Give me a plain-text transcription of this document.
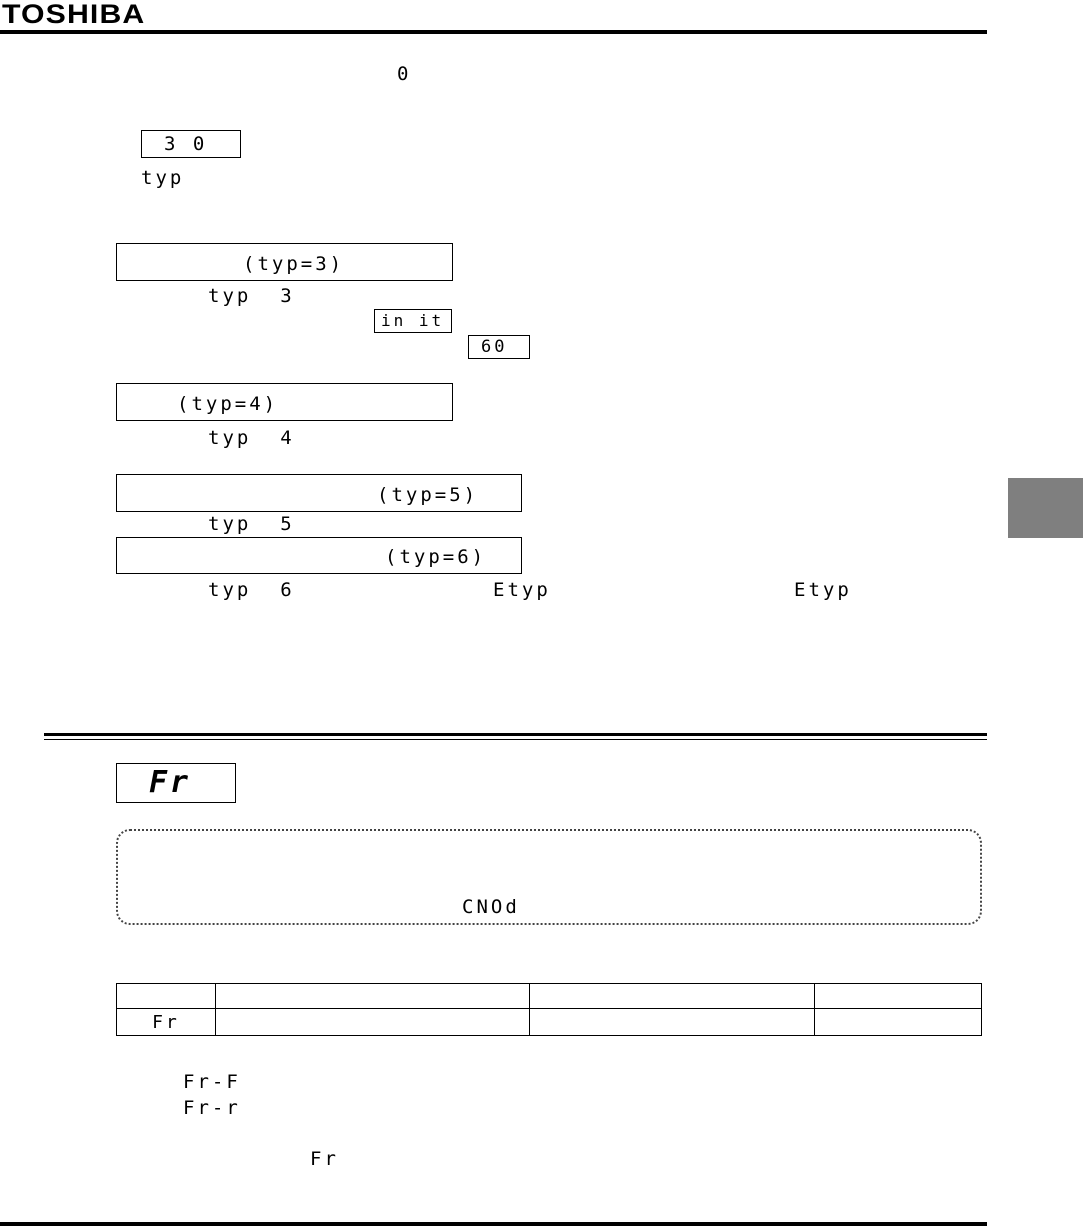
TOSHIBA
0
3 0
typ
(typ=3)
typ  3
in it
60
(typ=4)
typ  4
(typ=5)
typ  5
(typ=6)
typ  6	Etyp	Etyp
Fr
CNOd

Fr			
Fr-F
Fr-r
Fr
